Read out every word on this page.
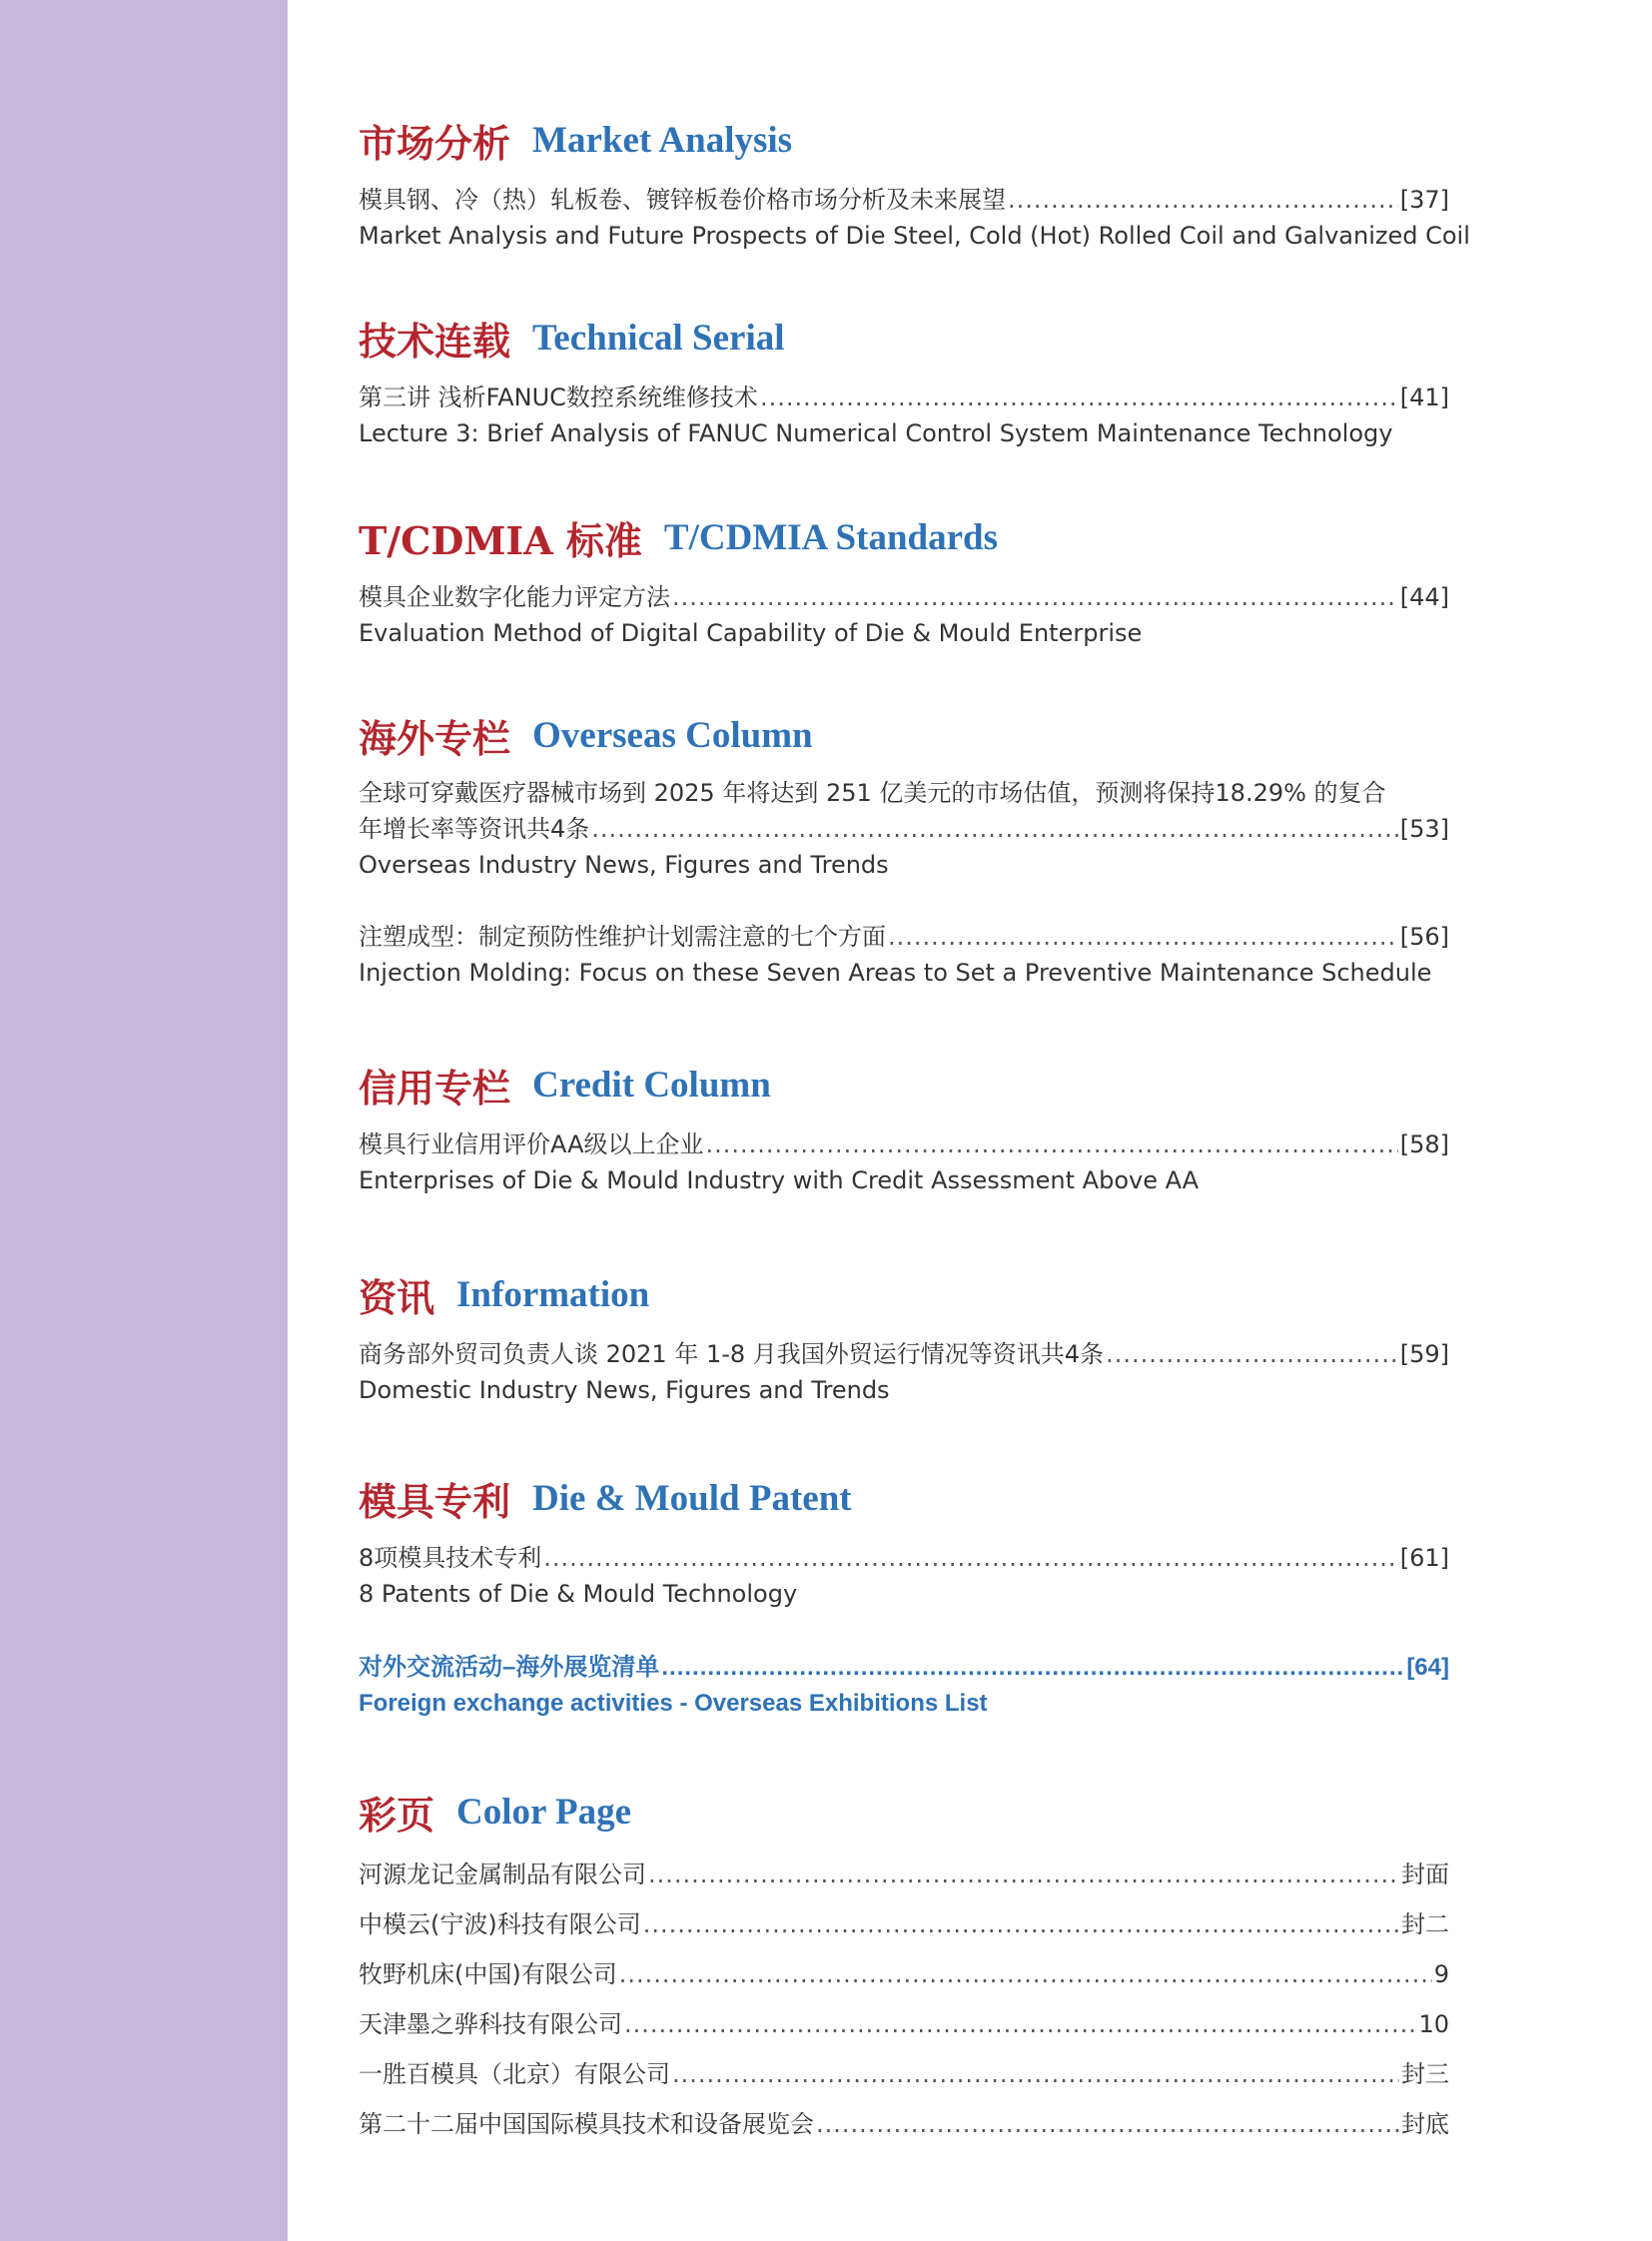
市场分析 Market Analysis
模具钢、冷（热）轧板卷、镀锌板卷价格市场分析及未来展望 .....	[37]
Market Analysis and Future Prospects of Die Steel, Cold (Hot) Rolled Coil and Galvanized Coil
技术连载 Technical Serial
第三讲 浅析FANUC数控系统维修技术 .....	[41]
Lecture 3: Brief Analysis of FANUC Numerical Control System Maintenance Technology
T/CDMIA 标准 T/CDMIA Standards
模具企业数字化能力评定方法 .....	[44]
Evaluation Method of Digital Capability of Die & Mould Enterprise
海外专栏 Overseas Column
全球可穿戴医疗器械市场到 2025 年将达到 251 亿美元的市场估值，预测将保持18.29% 的复合
年增长率等资讯共4条 .....	[53]
Overseas Industry News, Figures and Trends
注塑成型：制定预防性维护计划需注意的七个方面 .....	[56]
Injection Molding: Focus on these Seven Areas to Set a Preventive Maintenance Schedule
信用专栏 Credit Column
模具行业信用评价AA级以上企业 .....	[58]
Enterprises of Die & Mould Industry with Credit Assessment Above AA
资讯 Information
商务部外贸司负责人谈 2021 年 1-8 月我国外贸运行情况等资讯共4条 .....	[59]
Domestic Industry News, Figures and Trends
模具专利 Die & Mould Patent
8项模具技术专利 .....	[61]
8 Patents of Die & Mould Technology
对外交流活动–海外展览清单 .....	[64]
Foreign exchange activities - Overseas Exhibitions List
彩页 Color Page
河源龙记金属制品有限公司 .....	封面
中模云(宁波)科技有限公司 .....	封二
牧野机床(中国)有限公司 .....	9
天津墨之骅科技有限公司 .....	10
一胜百模具（北京）有限公司 .....	封三
第二十二届中国国际模具技术和设备展览会 .....	封底
